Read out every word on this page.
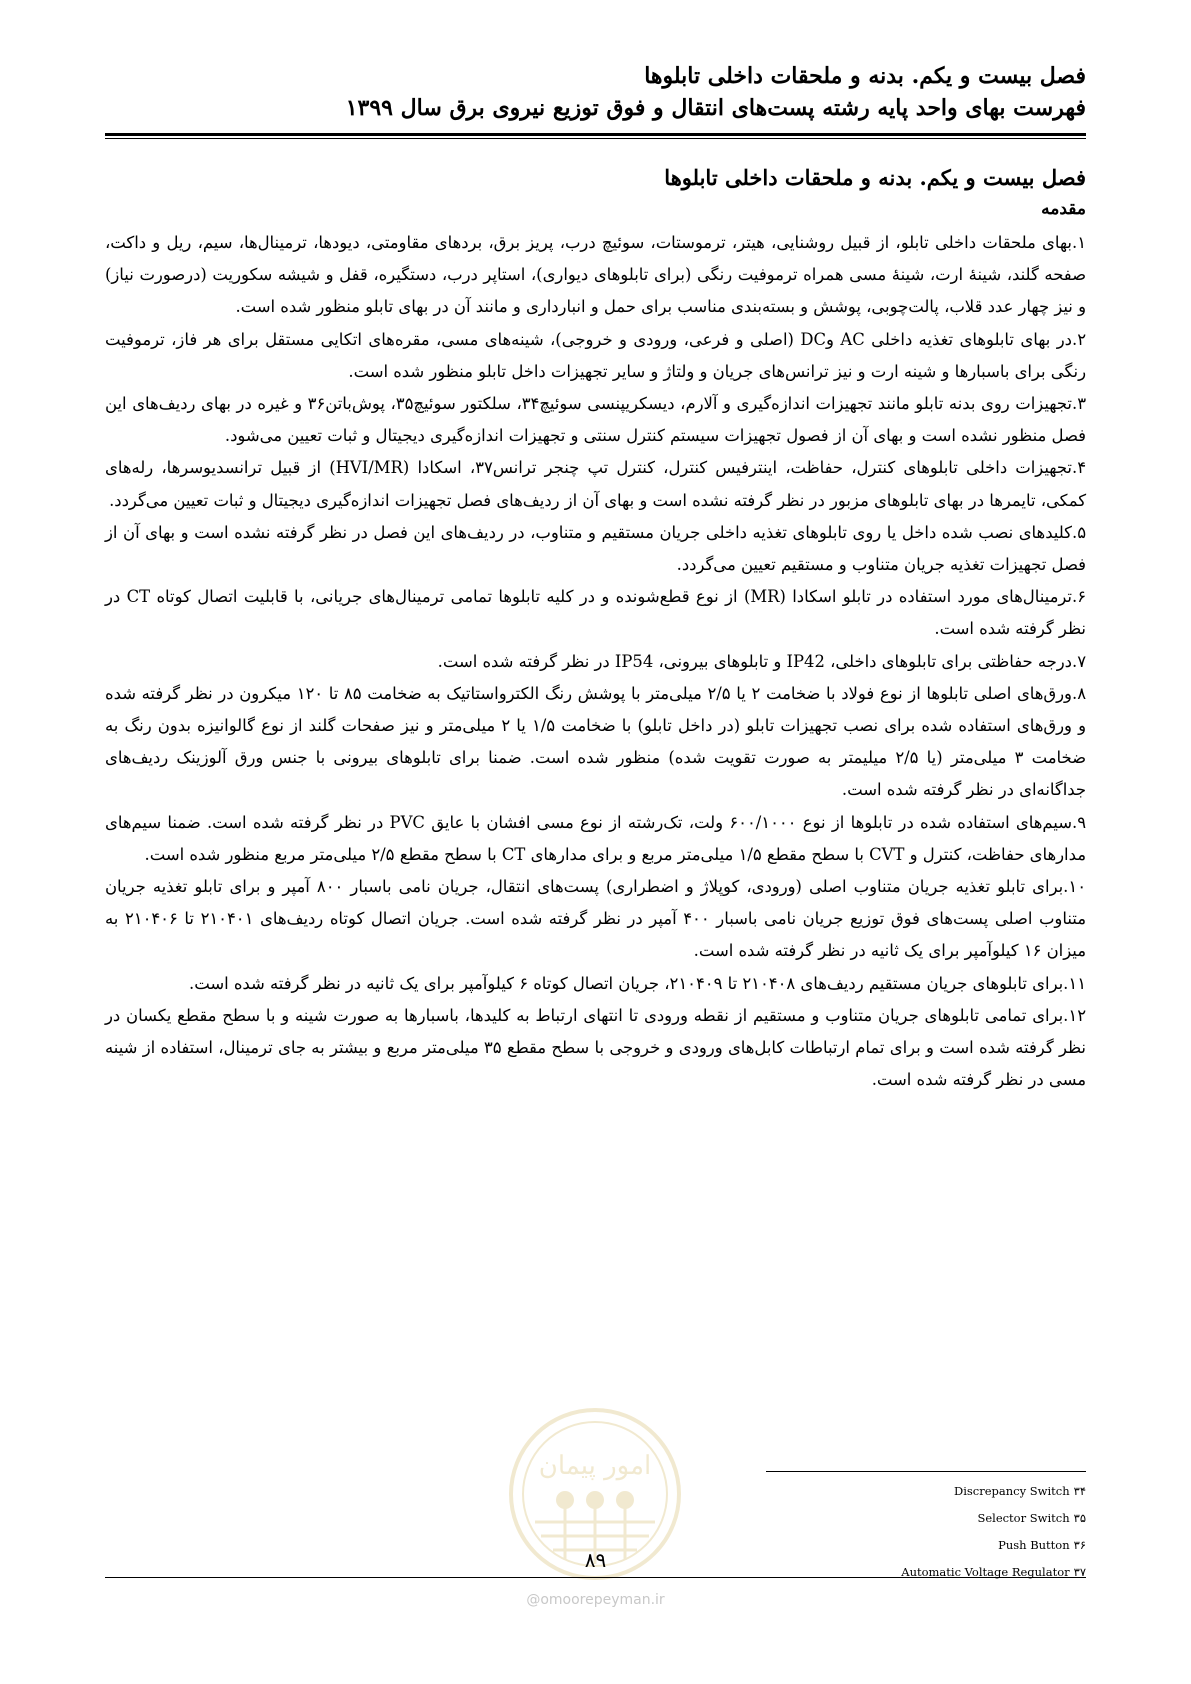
فصل بیست و یکم. بدنه و ملحقات داخلی تابلوها
فهرست بهای واحد پایه رشته پست‌های انتقال و فوق توزیع نیروی برق سال ۱۳۹۹
فصل بیست و یکم. بدنه و ملحقات داخلی تابلوها
مقدمه

۱.بهای ملحقات داخلی تابلو، از قبیل روشنایی، هیتر، ترموستات، سوئیچ درب، پریز برق، بردهای مقاومتی، دیودها، ترمینال‌ها، سیم، ریل و داکت، صفحه گلند، شینهٔ ارت، شینهٔ مسی همراه ترموفیت رنگی (برای تابلوهای دیواری)، استاپر درب، دستگیره، قفل و شیشه سکوریت (درصورت نیاز) و نیز چهار عدد قلاب، پالت‌چوبی، پوشش و بسته‌بندی مناسب برای حمل و انبارداری و مانند آن در بهای تابلو منظور شده است.

۲.در بهای تابلوهای تغذیه داخلی AC وDC (اصلی و فرعی، ورودی و خروجی)، شینه‌های مسی، مقره‌های اتکایی مستقل برای هر فاز، ترموفیت رنگی برای باسبارها و شینه ارت و نیز ترانس‌های جریان و ولتاژ و سایر تجهیزات داخل تابلو منظور شده است.

۳.تجهیزات روی بدنه تابلو مانند تجهیزات اندازه‌گیری و آلارم، دیسکریپنسی سوئیچ۳۴، سلکتور سوئیچ۳۵، پوش‌باتن۳۶ و غیره در بهای ردیف‌های این فصل منظور نشده است و بهای آن از فصول تجهیزات سیستم کنترل سنتی و تجهیزات اندازه‌گیری دیجیتال و ثبات تعیین می‌شود.

۴.تجهیزات داخلی تابلوهای کنترل، حفاظت، اینترفیس کنترل، کنترل تپ چنجر ترانس۳۷، اسکادا (HVI/MR) از قبیل ترانسدیوسرها، رله‌های کمکی، تایمرها در بهای تابلوهای مزبور در نظر گرفته نشده است و بهای آن از ردیف‌های فصل تجهیزات اندازه‌گیری دیجیتال و ثبات تعیین می‌گردد.

۵.کلیدهای نصب شده داخل یا روی تابلوهای تغذیه داخلی جریان مستقیم و متناوب، در ردیف‌های این فصل در نظر گرفته نشده است و بهای آن از فصل تجهیزات تغذیه جریان متناوب و مستقیم تعیین می‌گردد.

۶.ترمینال‌های مورد استفاده در تابلو اسکادا (MR) از نوع قطع‌شونده و در کلیه تابلوها تمامی ترمینال‌های جریانی، با قابلیت اتصال کوتاه CT در نظر گرفته شده است.

۷.درجه حفاظتی برای تابلوهای داخلی، IP42 و تابلوهای بیرونی، IP54 در نظر گرفته شده است.

۸.ورق‌های اصلی تابلوها از نوع فولاد با ضخامت ۲ یا ۲/۵ میلی‌متر با پوشش رنگ الکترواستاتیک به ضخامت ۸۵ تا ۱۲۰ میکرون در نظر گرفته شده و ورق‌های استفاده شده برای نصب تجهیزات تابلو (در داخل تابلو) با ضخامت ۱/۵ یا ۲ میلی‌متر و نیز صفحات گلند از نوع گالوانیزه بدون رنگ به ضخامت ۳ میلی‌متر (یا ۲/۵ میلیمتر به صورت تقویت شده) منظور شده است. ضمنا برای تابلوهای بیرونی با جنس ورق آلوزینک ردیف‌های جداگانه‌ای در نظر گرفته شده است.

۹.سیم‌های استفاده شده در تابلوها از نوع ۶۰۰/۱۰۰۰ ولت، تک‌رشته از نوع مسی افشان با عایق PVC در نظر گرفته شده است. ضمنا سیم‌های مدارهای حفاظت، کنترل و CVT با سطح مقطع ۱/۵ میلی‌متر مربع و برای مدارهای CT با سطح مقطع ۲/۵ میلی‌متر مربع منظور شده است.

۱۰.برای تابلو تغذیه جریان متناوب اصلی (ورودی، کوپلاژ و اضطراری) پست‌های انتقال، جریان نامی باسبار ۸۰۰ آمپر و برای تابلو تغذیه جریان متناوب اصلی پست‌های فوق توزیع جریان نامی باسبار ۴۰۰ آمپر در نظر گرفته شده است. جریان اتصال کوتاه ردیف‌های ۲۱۰۴۰۱ تا ۲۱۰۴۰۶ به میزان ۱۶ کیلوآمپر برای یک ثانیه در نظر گرفته شده است.

۱۱.برای تابلوهای جریان مستقیم ردیف‌های ۲۱۰۴۰۸ تا ۲۱۰۴۰۹، جریان اتصال کوتاه ۶ کیلوآمپر برای یک ثانیه در نظر گرفته شده است.

۱۲.برای تمامی تابلوهای جریان متناوب و مستقیم از نقطه ورودی تا انتهای ارتباط به کلیدها، باسبارها به صورت شینه و با سطح مقطع یکسان در نظر گرفته شده است و برای تمام ارتباطات کابل‌های ورودی و خروجی با سطح مقطع ۳۵ میلی‌متر مربع و بیشتر به جای ترمینال، استفاده از شینه مسی در نظر گرفته شده است.

امور پیمان
۳۴Discrepancy Switch
۳۵Selector Switch
۳۶Push Button
۳۷Automatic Voltage Regulator
۸۹
@omoorepeyman.ir
